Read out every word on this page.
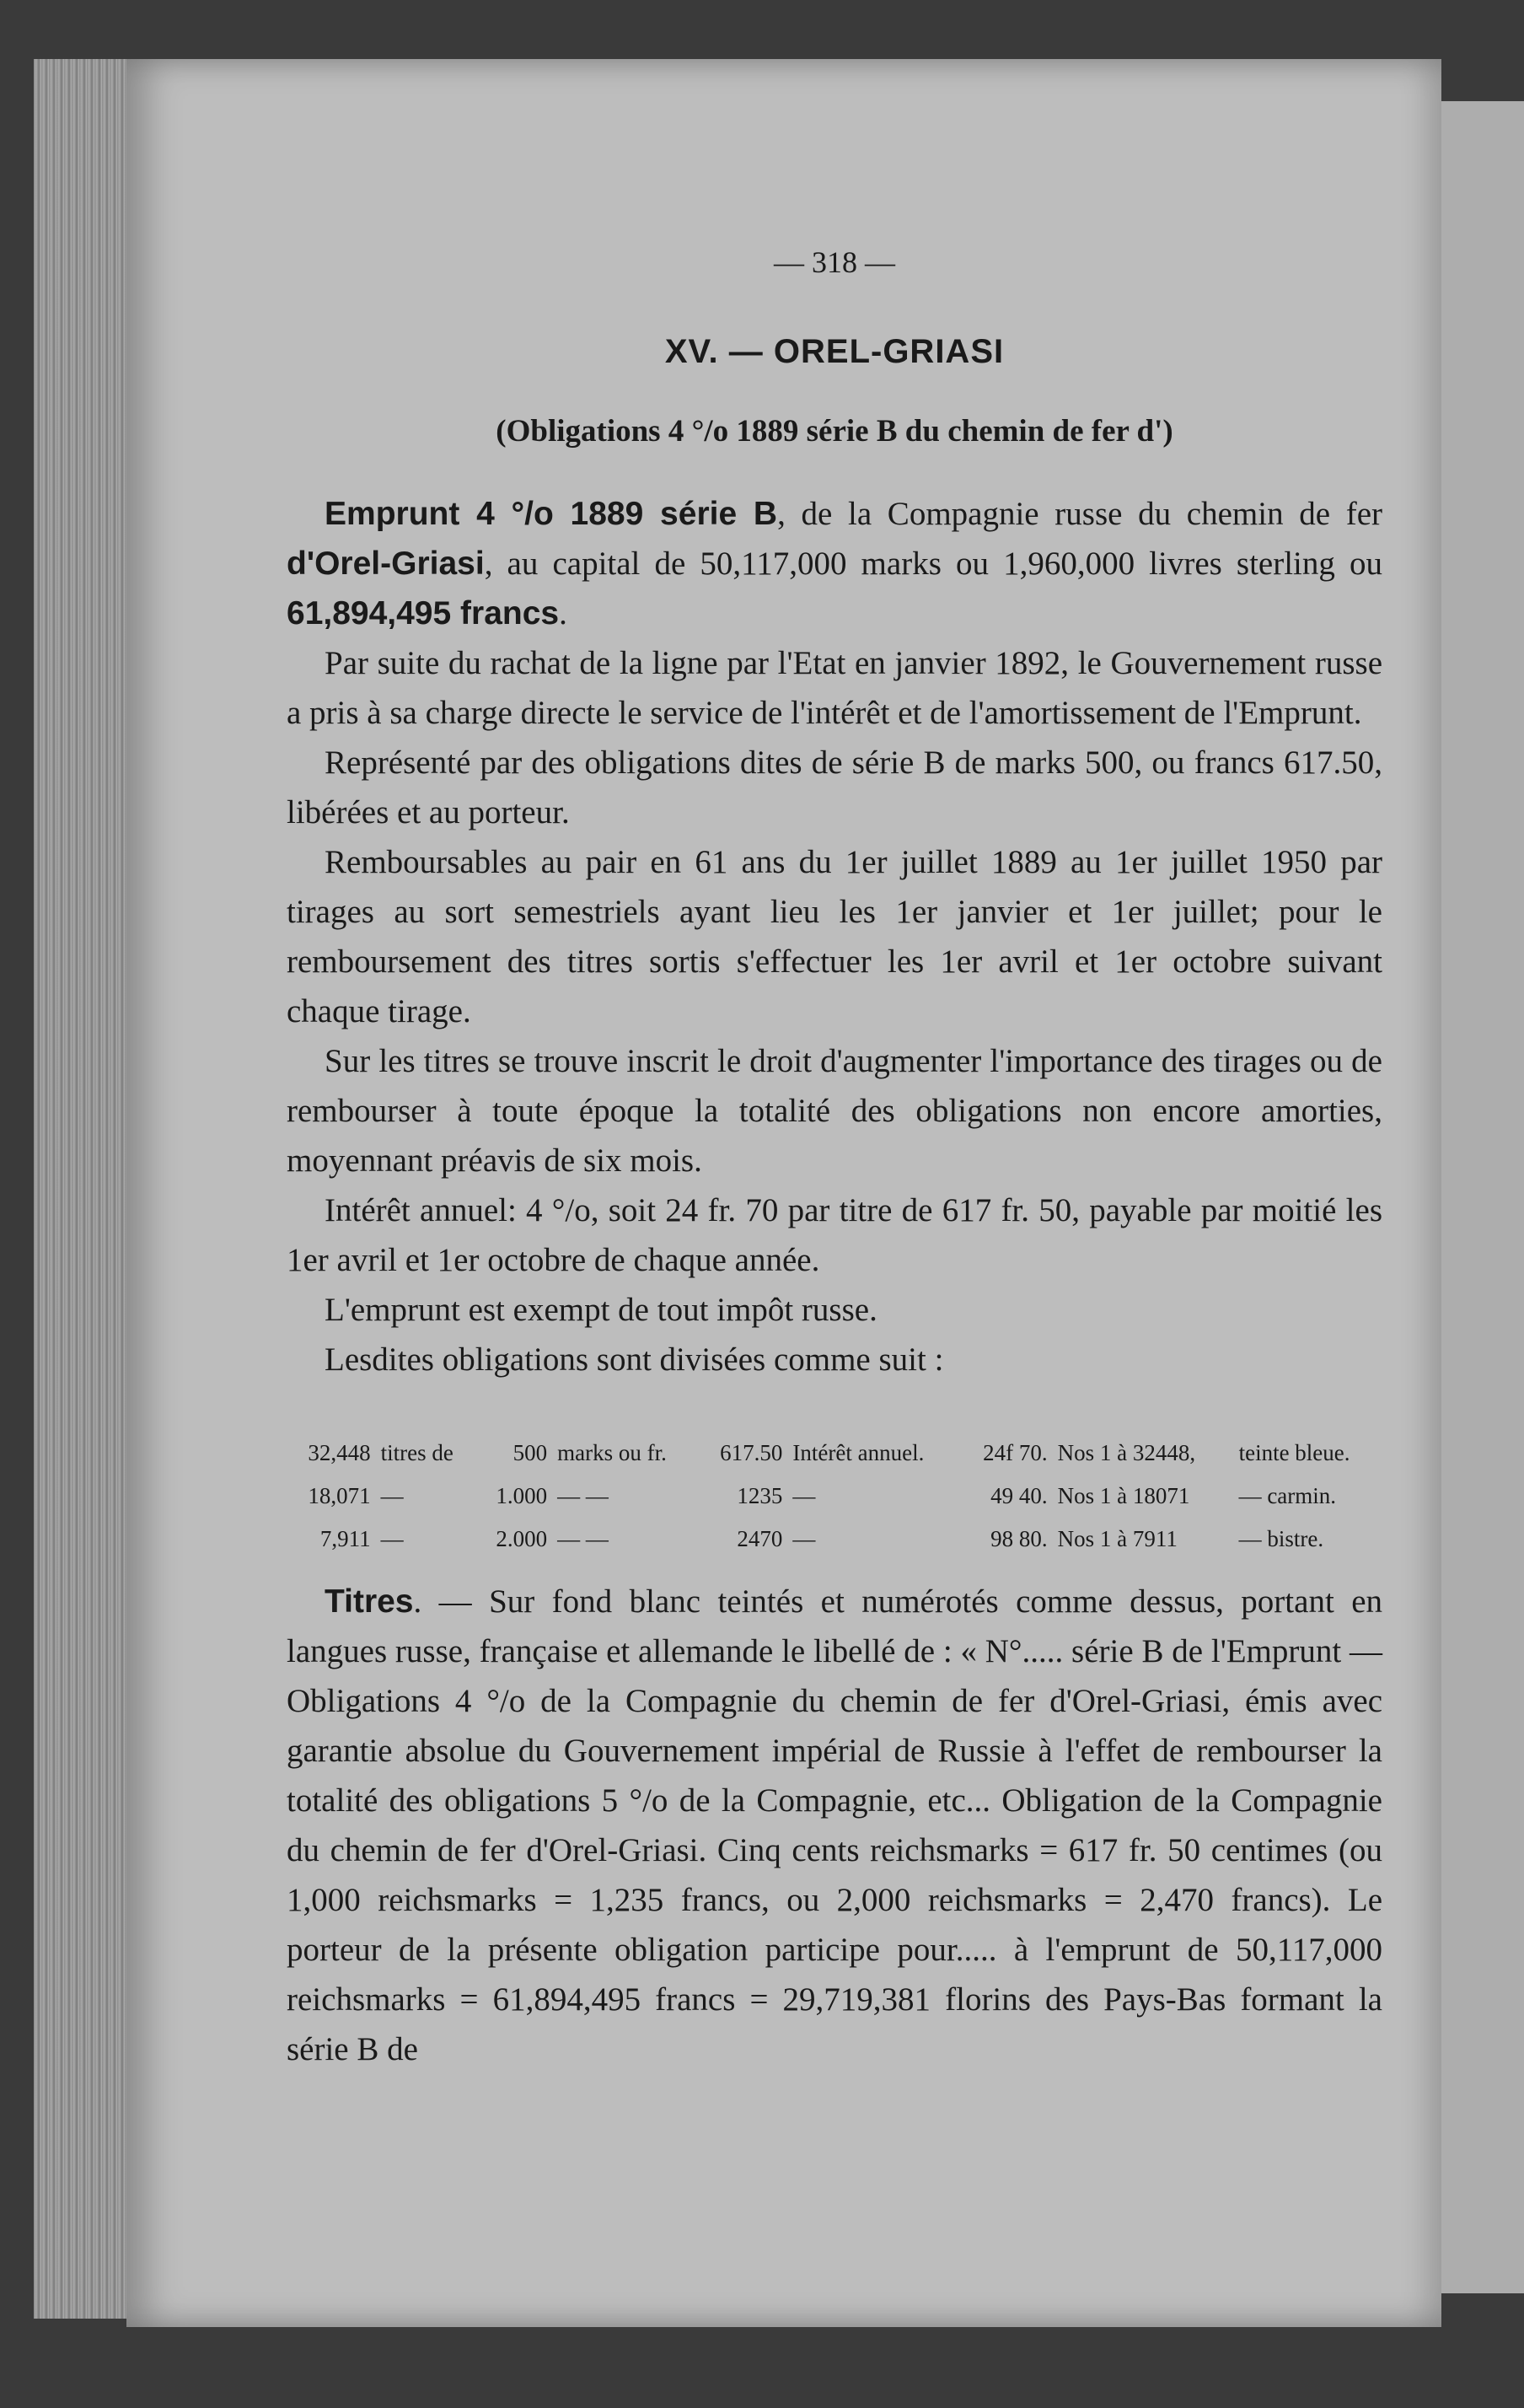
— 318 —
XV. — OREL-GRIASI
(Obligations 4 °/o 1889 série B du chemin de fer d')

Emprunt 4 °/o 1889 série B, de la Compagnie russe du chemin de fer d'Orel-Griasi, au capital de 50,117,000 marks ou 1,960,000 livres sterling ou 61,894,495 francs.

Par suite du rachat de la ligne par l'Etat en janvier 1892, le Gouvernement russe a pris à sa charge directe le service de l'intérêt et de l'amortissement de l'Emprunt.

Représenté par des obligations dites de série B de marks 500, ou francs 617.50, libérées et au porteur.

Remboursables au pair en 61 ans du 1er juillet 1889 au 1er juillet 1950 par tirages au sort semestriels ayant lieu les 1er janvier et 1er juillet; pour le remboursement des titres sortis s'effectuer les 1er avril et 1er octobre suivant chaque tirage.

Sur les titres se trouve inscrit le droit d'augmenter l'importance des tirages ou de rembourser à toute époque la totalité des obligations non encore amorties, moyennant préavis de six mois.

Intérêt annuel: 4 °/o, soit 24 fr. 70 par titre de 617 fr. 50, payable par moitié les 1er avril et 1er octobre de chaque année.

L'emprunt est exempt de tout impôt russe.

Lesdites obligations sont divisées comme suit :

32,448	titres de	500	marks ou fr.	617.50	Intérêt annuel.	24f 70.	Nos 1 à 32448,	teinte bleue.
18,071	—	1.000	— —	1235	—	49 40.	Nos 1 à 18071	— carmin.
7,911	—	2.000	— —	2470	—	98 80.	Nos 1 à 7911	— bistre.

Titres. — Sur fond blanc teintés et numérotés comme dessus, portant en langues russe, française et allemande le libellé de : « N°..... série B de l'Emprunt — Obligations 4 °/o de la Compagnie du chemin de fer d'Orel-Griasi, émis avec garantie absolue du Gouvernement impérial de Russie à l'effet de rembourser la totalité des obligations 5 °/o de la Compagnie, etc... Obligation de la Compagnie du chemin de fer d'Orel-Griasi. Cinq cents reichsmarks = 617 fr. 50 centimes (ou 1,000 reichsmarks = 1,235 francs, ou 2,000 reichsmarks = 2,470 francs). Le porteur de la présente obligation participe pour..... à l'emprunt de 50,117,000 reichsmarks = 61,894,495 francs = 29,719,381 florins des Pays-Bas formant la série B de
